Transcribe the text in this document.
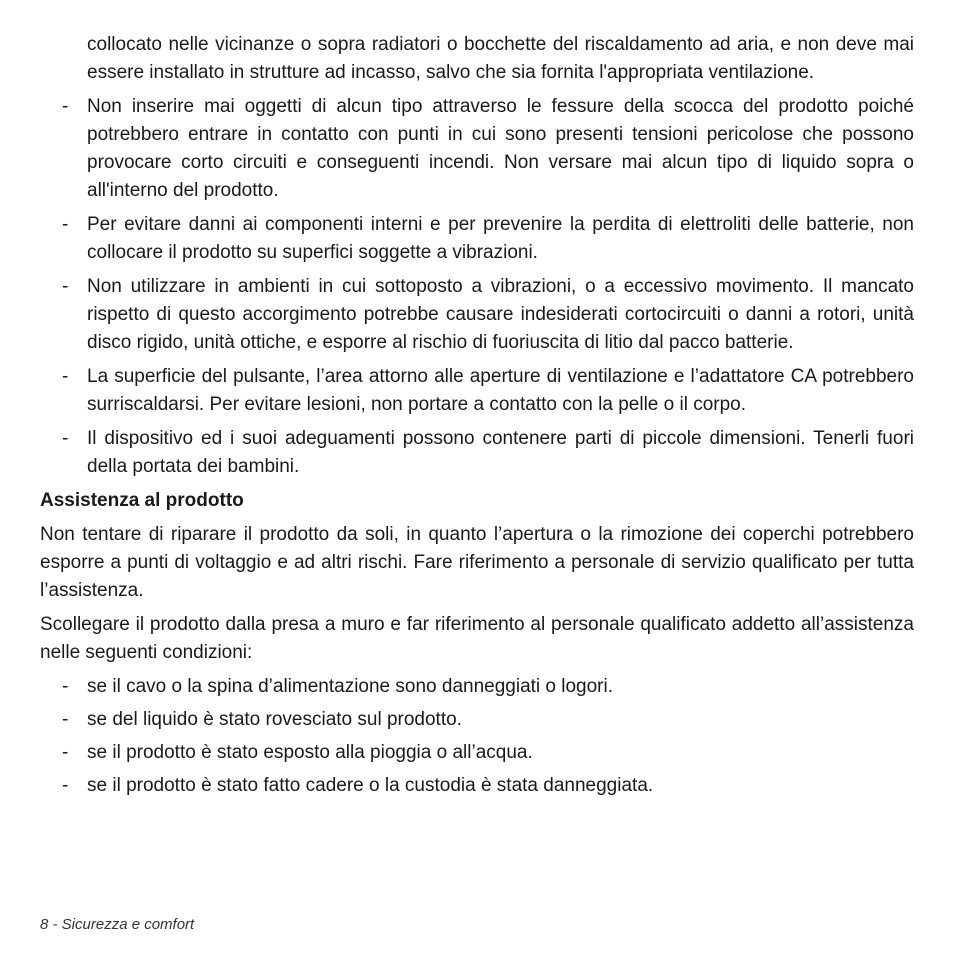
collocato nelle vicinanze o sopra radiatori o bocchette del riscaldamento ad aria, e non deve mai essere installato in strutture ad incasso, salvo che sia fornita l'appropriata ventilazione.

- Non inserire mai oggetti di alcun tipo attraverso le fessure della scocca del prodotto poiché potrebbero entrare in contatto con punti in cui sono presenti tensioni pericolose che possono provocare corto circuiti e conseguenti incendi. Non versare mai alcun tipo di liquido sopra o all'interno del prodotto.
- Per evitare danni ai componenti interni e per prevenire la perdita di elettroliti delle batterie, non collocare il prodotto su superfici soggette a vibrazioni.
- Non utilizzare in ambienti in cui sottoposto a vibrazioni, o a eccessivo movimento. Il mancato rispetto di questo accorgimento potrebbe causare indesiderati cortocircuiti o danni a rotori, unità disco rigido, unità ottiche, e esporre al rischio di fuoriuscita di litio dal pacco batterie.
- La superficie del pulsante, l’area attorno alle aperture di ventilazione e l’adattatore CA potrebbero surriscaldarsi. Per evitare lesioni, non portare a contatto con la pelle o il corpo.
- Il dispositivo ed i suoi adeguamenti possono contenere parti di piccole dimensioni. Tenerli fuori della portata dei bambini.

Assistenza al prodotto

Non tentare di riparare il prodotto da soli, in quanto l’apertura o la rimozione dei coperchi potrebbero esporre a punti di voltaggio e ad altri rischi. Fare riferimento a personale di servizio qualificato per tutta l’assistenza.

Scollegare il prodotto dalla presa a muro e far riferimento al personale qualificato addetto all’assistenza nelle seguenti condizioni:

- se il cavo o la spina d’alimentazione sono danneggiati o logori.
- se del liquido è stato rovesciato sul prodotto.
- se il prodotto è stato esposto alla pioggia o all’acqua.
- se il prodotto è stato fatto cadere o la custodia è stata danneggiata.
8 - Sicurezza e comfort
